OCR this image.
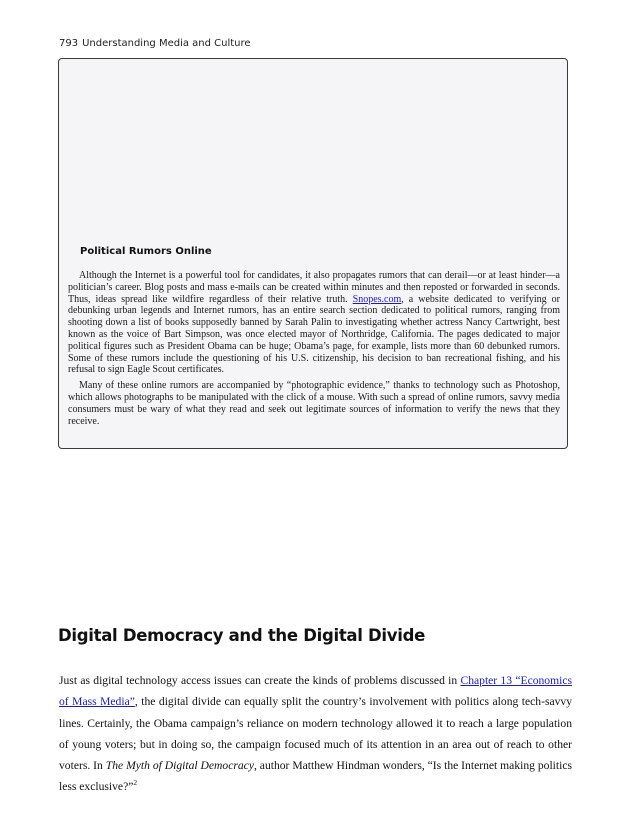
793 Understanding Media and Culture
Political Rumors Online

Although the Internet is a powerful tool for candidates, it also propagates rumors that can derail—or at least hinder—a politician’s career. Blog posts and mass e-mails can be created within minutes and then reposted or forwarded in seconds. Thus, ideas spread like wildfire regardless of their relative truth. Snopes.com, a website dedicated to verifying or debunking urban legends and Internet rumors, has an entire search section dedicated to political rumors, ranging from shooting down a list of books supposedly banned by Sarah Palin to investigating whether actress Nancy Cartwright, best known as the voice of Bart Simpson, was once elected mayor of Northridge, California. The pages dedicated to major political figures such as President Obama can be huge; Obama’s page, for example, lists more than 60 debunked rumors. Some of these rumors include the questioning of his U.S. citizenship, his decision to ban recreational fishing, and his refusal to sign Eagle Scout certificates.

Many of these online rumors are accompanied by “photographic evidence,” thanks to technology such as Photoshop, which allows photographs to be manipulated with the click of a mouse. With such a spread of online rumors, savvy media consumers must be wary of what they read and seek out legitimate sources of information to verify the news that they receive.

Digital Democracy and the Digital Divide
Just as digital technology access issues can create the kinds of problems discussed in Chapter 13 “Economics of Mass Media”, the digital divide can equally split the country’s involvement with politics along tech-savvy lines. Certainly, the Obama campaign’s reliance on modern technology allowed it to reach a large population of young voters; but in doing so, the campaign focused much of its attention in an area out of reach to other voters. In The Myth of Digital Democracy, author Matthew Hindman wonders, “Is the Internet making politics less exclusive?”$^2$
